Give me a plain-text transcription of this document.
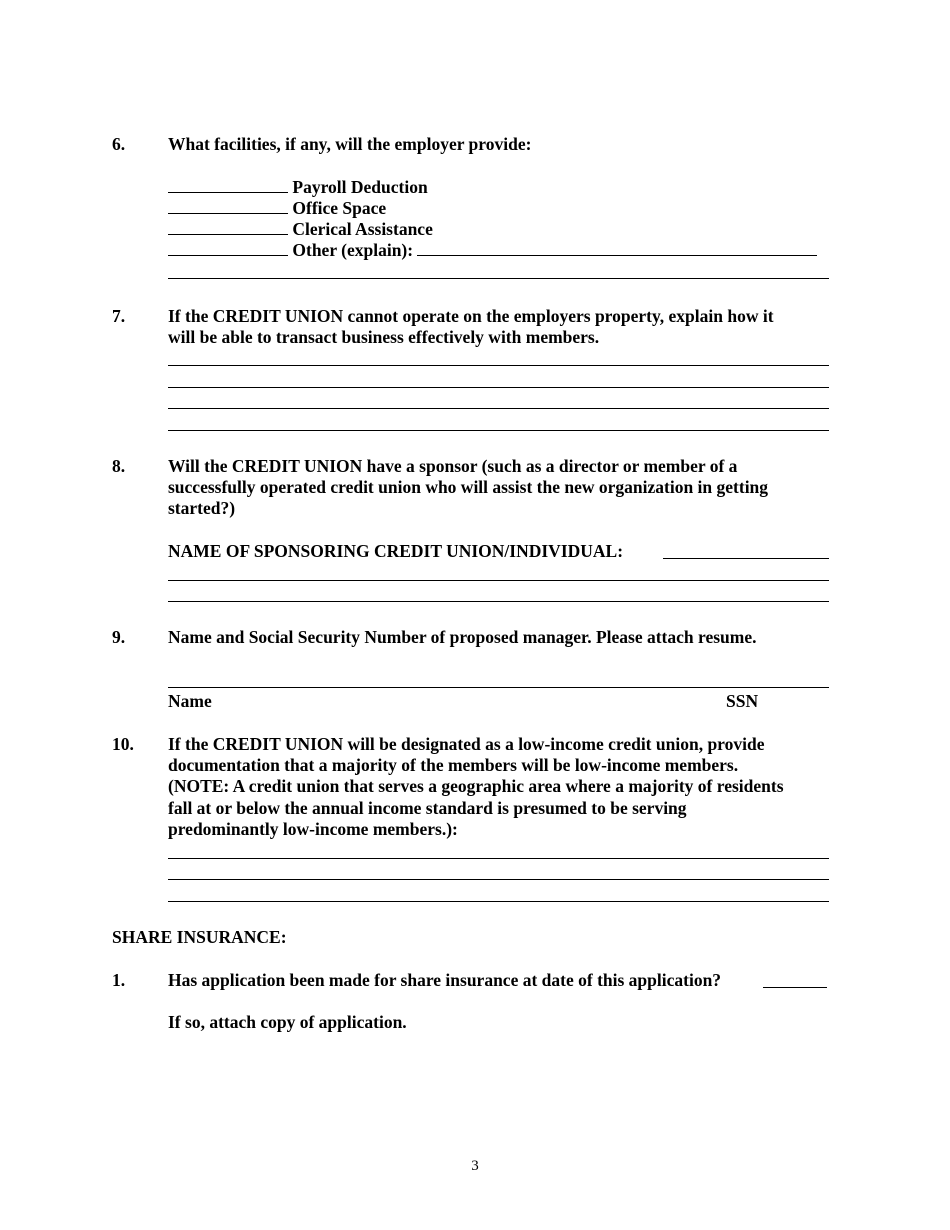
6. What facilities, if any, will the employer provide:
Payroll Deduction
Office Space
Clerical Assistance
Other (explain):
7. If the CREDIT UNION cannot operate on the employers property, explain how it
will be able to transact business effectively with members.
8. Will the CREDIT UNION have a sponsor (such as a director or member of a
successfully operated credit union who will assist the new organization in getting
started?)
NAME OF SPONSORING CREDIT UNION/INDIVIDUAL:
9. Name and Social Security Number of proposed manager. Please attach resume.
Name	SSN
10. If the CREDIT UNION will be designated as a low-income credit union, provide
documentation that a majority of the members will be low-income members.
(NOTE: A credit union that serves a geographic area where a majority of residents
fall at or below the annual income standard is presumed to be serving
predominantly low-income members.):
SHARE INSURANCE:
1. Has application been made for share insurance at date of this application?
If so, attach copy of application.
3
